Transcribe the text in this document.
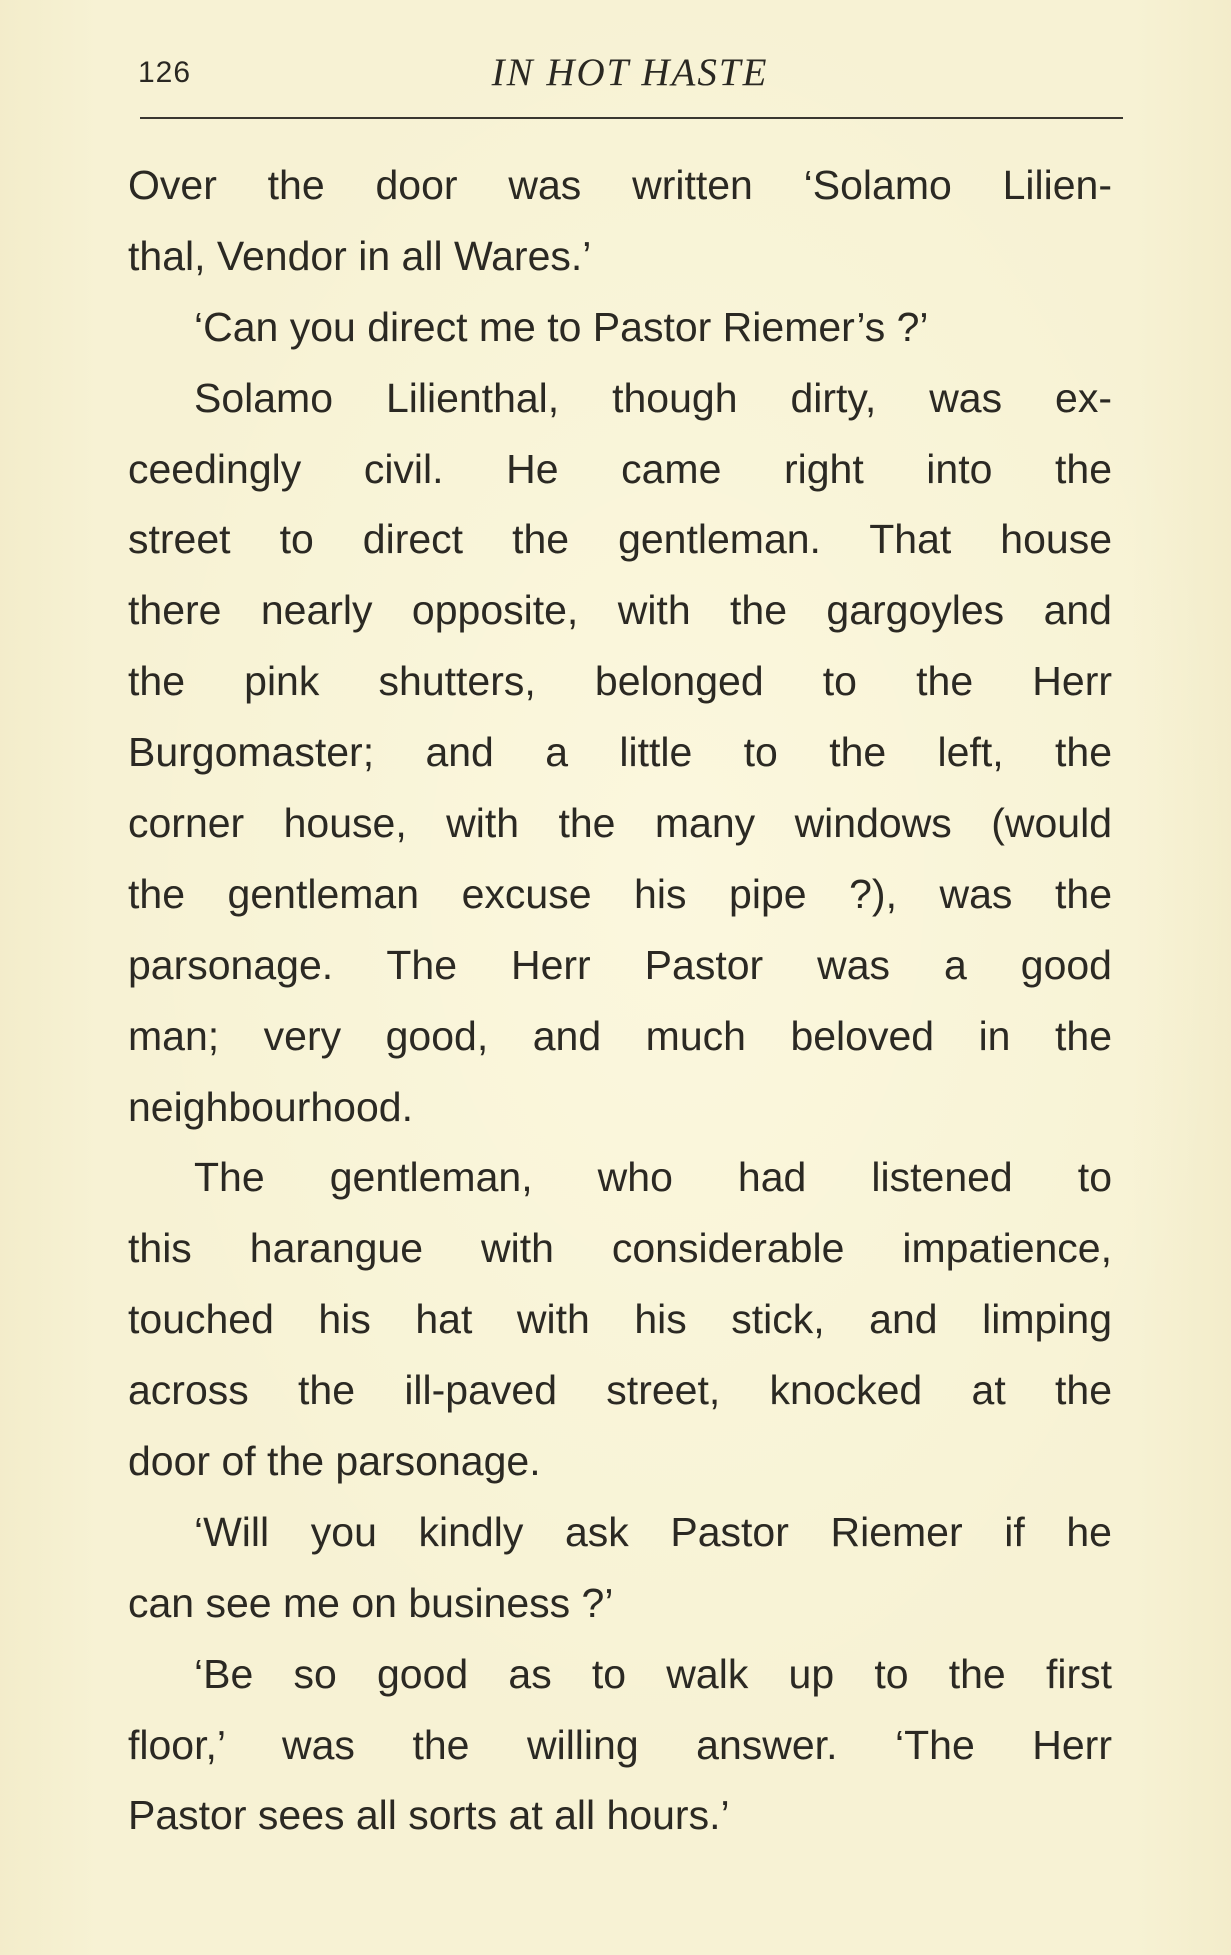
126	IN HOT HASTE
Over the door was written ‘Solamo Lilien-
thal, Vendor in all Wares.’
‘Can you direct me to Pastor Riemer’s ?’
Solamo Lilienthal, though dirty, was ex-
ceedingly civil. He came right into the
street to direct the gentleman. That house
there nearly opposite, with the gargoyles and
the pink shutters, belonged to the Herr
Burgomaster; and a little to the left, the
corner house, with the many windows (would
the gentleman excuse his pipe ?), was the
parsonage. The Herr Pastor was a good
man; very good, and much beloved in the
neighbourhood.
The gentleman, who had listened to
this harangue with considerable impatience,
touched his hat with his stick, and limping
across the ill-paved street, knocked at the
door of the parsonage.
‘Will you kindly ask Pastor Riemer if he
can see me on business ?’
‘Be so good as to walk up to the first
floor,’ was the willing answer. ‘The Herr
Pastor sees all sorts at all hours.’
